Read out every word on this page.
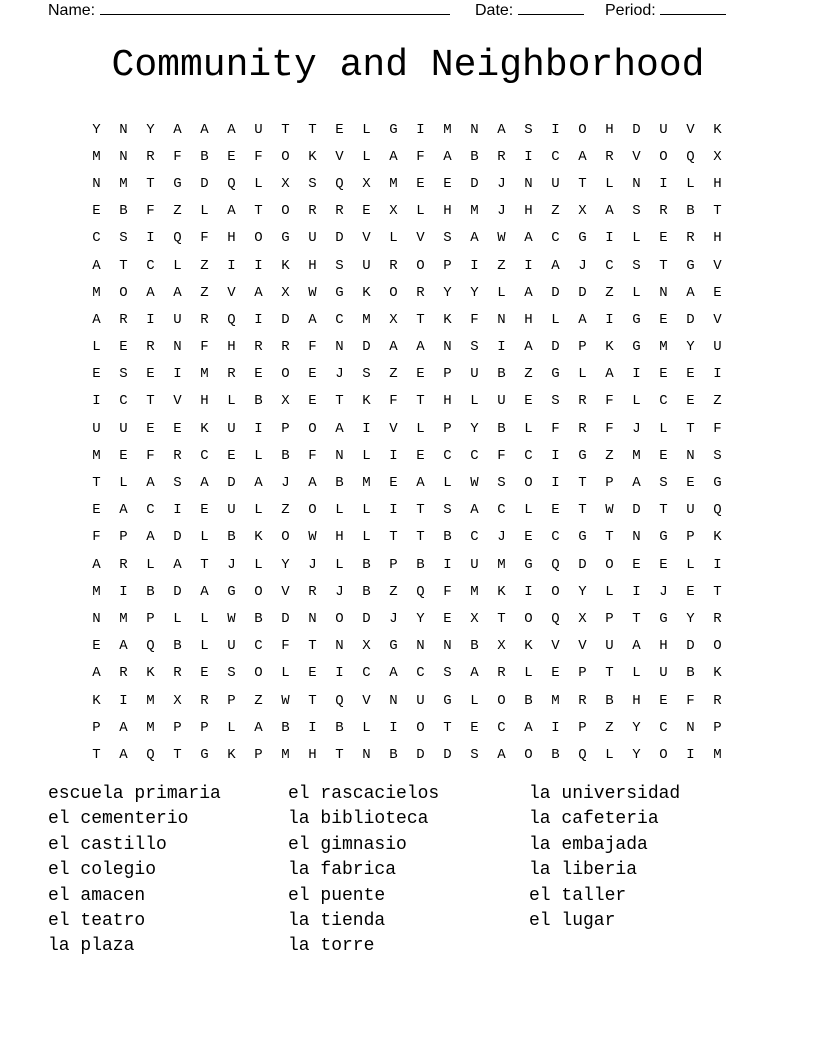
Name:	Date:	Period:
Community and Neighborhood
Y	N	Y	A	A	A	U	T	T	E	L	G	I	M	N	A	S	I	O	H	D	U	V	K
M	N	R	F	B	E	F	O	K	V	L	A	F	A	B	R	I	C	A	R	V	O	Q	X
N	M	T	G	D	Q	L	X	S	Q	X	M	E	E	D	J	N	U	T	L	N	I	L	H
E	B	F	Z	L	A	T	O	R	R	E	X	L	H	M	J	H	Z	X	A	S	R	B	T
C	S	I	Q	F	H	O	G	U	D	V	L	V	S	A	W	A	C	G	I	L	E	R	H
A	T	C	L	Z	I	I	K	H	S	U	R	O	P	I	Z	I	A	J	C	S	T	G	V
M	O	A	A	Z	V	A	X	W	G	K	O	R	Y	Y	L	A	D	D	Z	L	N	A	E
A	R	I	U	R	Q	I	D	A	C	M	X	T	K	F	N	H	L	A	I	G	E	D	V
L	E	R	N	F	H	R	R	F	N	D	A	A	N	S	I	A	D	P	K	G	M	Y	U
E	S	E	I	M	R	E	O	E	J	S	Z	E	P	U	B	Z	G	L	A	I	E	E	I
I	C	T	V	H	L	B	X	E	T	K	F	T	H	L	U	E	S	R	F	L	C	E	Z
U	U	E	E	K	U	I	P	O	A	I	V	L	P	Y	B	L	F	R	F	J	L	T	F
M	E	F	R	C	E	L	B	F	N	L	I	E	C	C	F	C	I	G	Z	M	E	N	S
T	L	A	S	A	D	A	J	A	B	M	E	A	L	W	S	O	I	T	P	A	S	E	G
E	A	C	I	E	U	L	Z	O	L	L	I	T	S	A	C	L	E	T	W	D	T	U	Q
F	P	A	D	L	B	K	O	W	H	L	T	T	B	C	J	E	C	G	T	N	G	P	K
A	R	L	A	T	J	L	Y	J	L	B	P	B	I	U	M	G	Q	D	O	E	E	L	I
M	I	B	D	A	G	O	V	R	J	B	Z	Q	F	M	K	I	O	Y	L	I	J	E	T
N	M	P	L	L	W	B	D	N	O	D	J	Y	E	X	T	O	Q	X	P	T	G	Y	R
E	A	Q	B	L	U	C	F	T	N	X	G	N	N	B	X	K	V	V	U	A	H	D	O
A	R	K	R	E	S	O	L	E	I	C	A	C	S	A	R	L	E	P	T	L	U	B	K
K	I	M	X	R	P	Z	W	T	Q	V	N	U	G	L	O	B	M	R	B	H	E	F	R
P	A	M	P	P	L	A	B	I	B	L	I	O	T	E	C	A	I	P	Z	Y	C	N	P
T	A	Q	T	G	K	P	M	H	T	N	B	D	D	S	A	O	B	Q	L	Y	O	I	M
escuela primaria
el cementerio
el castillo
el colegio
el amacen
el teatro
la plaza
el rascacielos
la biblioteca
el gimnasio
la fabrica
el puente
la tienda
la torre
la universidad
la cafeteria
la embajada
la liberia
el taller
el lugar
